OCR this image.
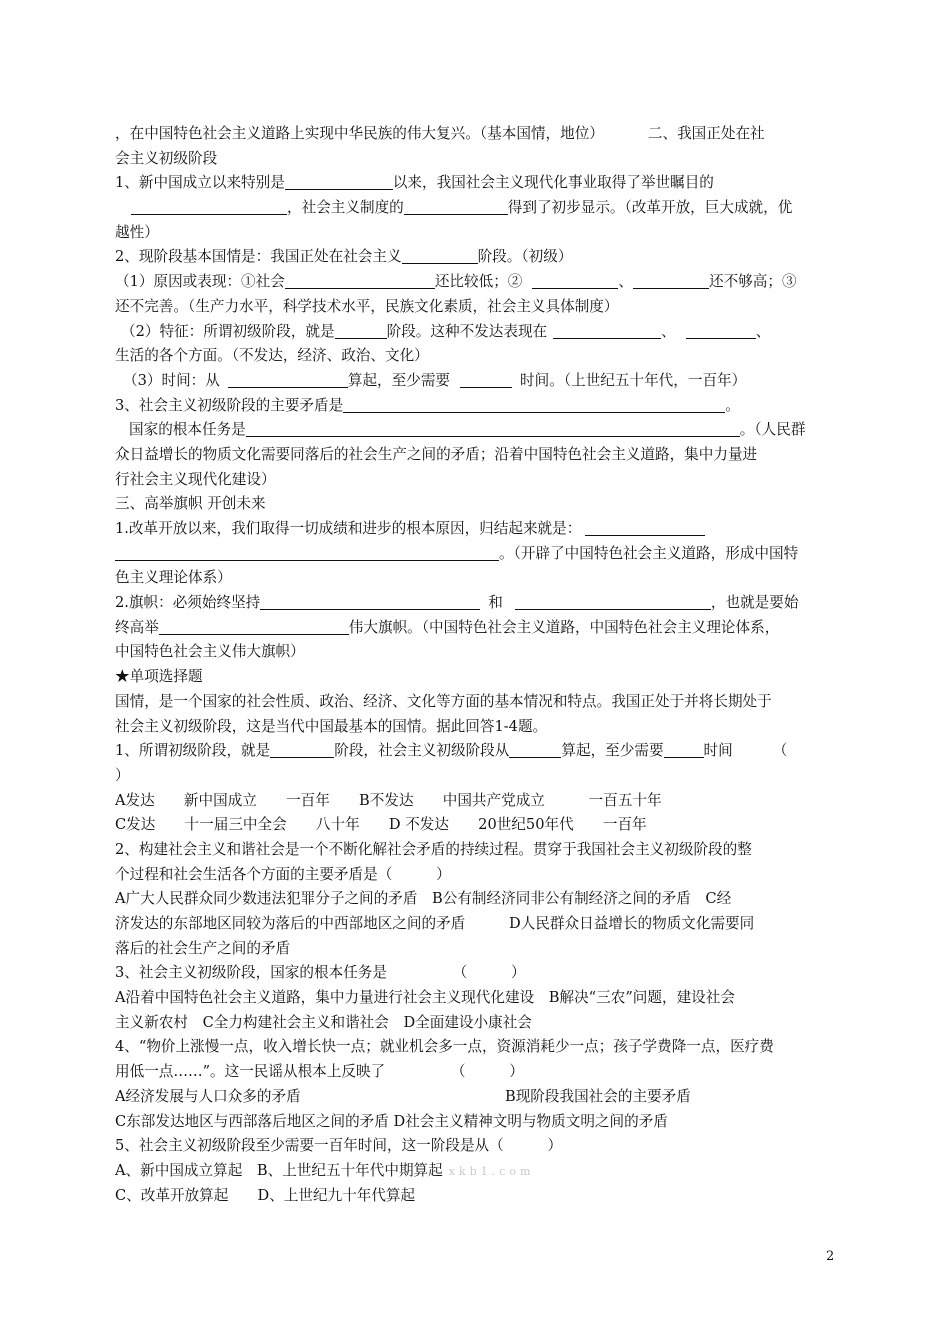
，在中国特色社会主义道路上实现中华民族的伟大复兴。（基本国情，地位）	二、我国正处在社
会主义初级阶段
1、新中国成立以来特别是	以来，我国社会主义现代化事业取得了举世瞩目的
，社会主义制度的	得到了初步显示。（改革开放，巨大成就，优
越性）
2、现阶段基本国情是：我国正处在社会主义	阶段。（初级）
（1）原因或表现：①社会	还比较低；②	、	还不够高；③
还不完善。（生产力水平，科学技术水平，民族文化素质，社会主义具体制度）
（2）特征：所谓初级阶段，就是	阶段。这种不发达表现在	、	、
生活的各个方面。（不发达，经济、政治、文化）
（3）时间：从	算起，至少需要	时间。（上世纪五十年代，一百年）
3、社会主义初级阶段的主要矛盾是	。
国家的根本任务是	。（人民群
众日益增长的物质文化需要同落后的社会生产之间的矛盾；沿着中国特色社会主义道路，集中力量进
行社会主义现代化建设）
三、高举旗帜 开创未来
1.改革开放以来，我们取得一切成绩和进步的根本原因，归结起来就是：
。（开辟了中国特色社会主义道路，形成中国特
色主义理论体系）
2.旗帜：必须始终坚持	和	，也就是要始
终高举	伟大旗帜。（中国特色社会主义道路，中国特色社会主义理论体系，
中国特色社会主义伟大旗帜）
★单项选择题
国情，是一个国家的社会性质、政治、经济、文化等方面的基本情况和特点。我国正处于并将长期处于
社会主义初级阶段，这是当代中国最基本的国情。据此回答1-4题。
1、所谓初级阶段，就是	阶段，社会主义初级阶段从	算起，至少需要	时间	（
）
A发达　　新中国成立　　一百年　　B不发达　　中国共产党成立　　　一百五十年
C发达　　十一届三中全会　　八十年　　D 不发达　　20世纪50年代　　一百年
2、构建社会主义和谐社会是一个不断化解社会矛盾的持续过程。贯穿于我国社会主义初级阶段的整
个过程和社会生活各个方面的主要矛盾是（　　　）
A广大人民群众同少数违法犯罪分子之间的矛盾　B公有制经济同非公有制经济之间的矛盾　C经
济发达的东部地区同较为落后的中西部地区之间的矛盾　　　D人民群众日益增长的物质文化需要同
落后的社会生产之间的矛盾
3、社会主义初级阶段，国家的根本任务是　　　　　（　　　）
A沿着中国特色社会主义道路，集中力量进行社会主义现代化建设　B解决“三农”问题，建设社会
主义新农村　C全力构建社会主义和谐社会　D全面建设小康社会
4、“物价上涨慢一点，收入增长快一点；就业机会多一点，资源消耗少一点；孩子学费降一点，医疗费
用低一点……”。这一民谣从根本上反映了　　　　　（　　　）
A经济发展与人口众多的矛盾　　　　　　　　　　　　　　B现阶段我国社会的主要矛盾
C东部发达地区与西部落后地区之间的矛盾 D社会主义精神文明与物质文明之间的矛盾
5、社会主义初级阶段至少需要一百年时间，这一阶段是从（　　　）
A、新中国成立算起　B、上世纪五十年代中期算起 xkb1.com
C、改革开放算起　　D、上世纪九十年代算起
2
